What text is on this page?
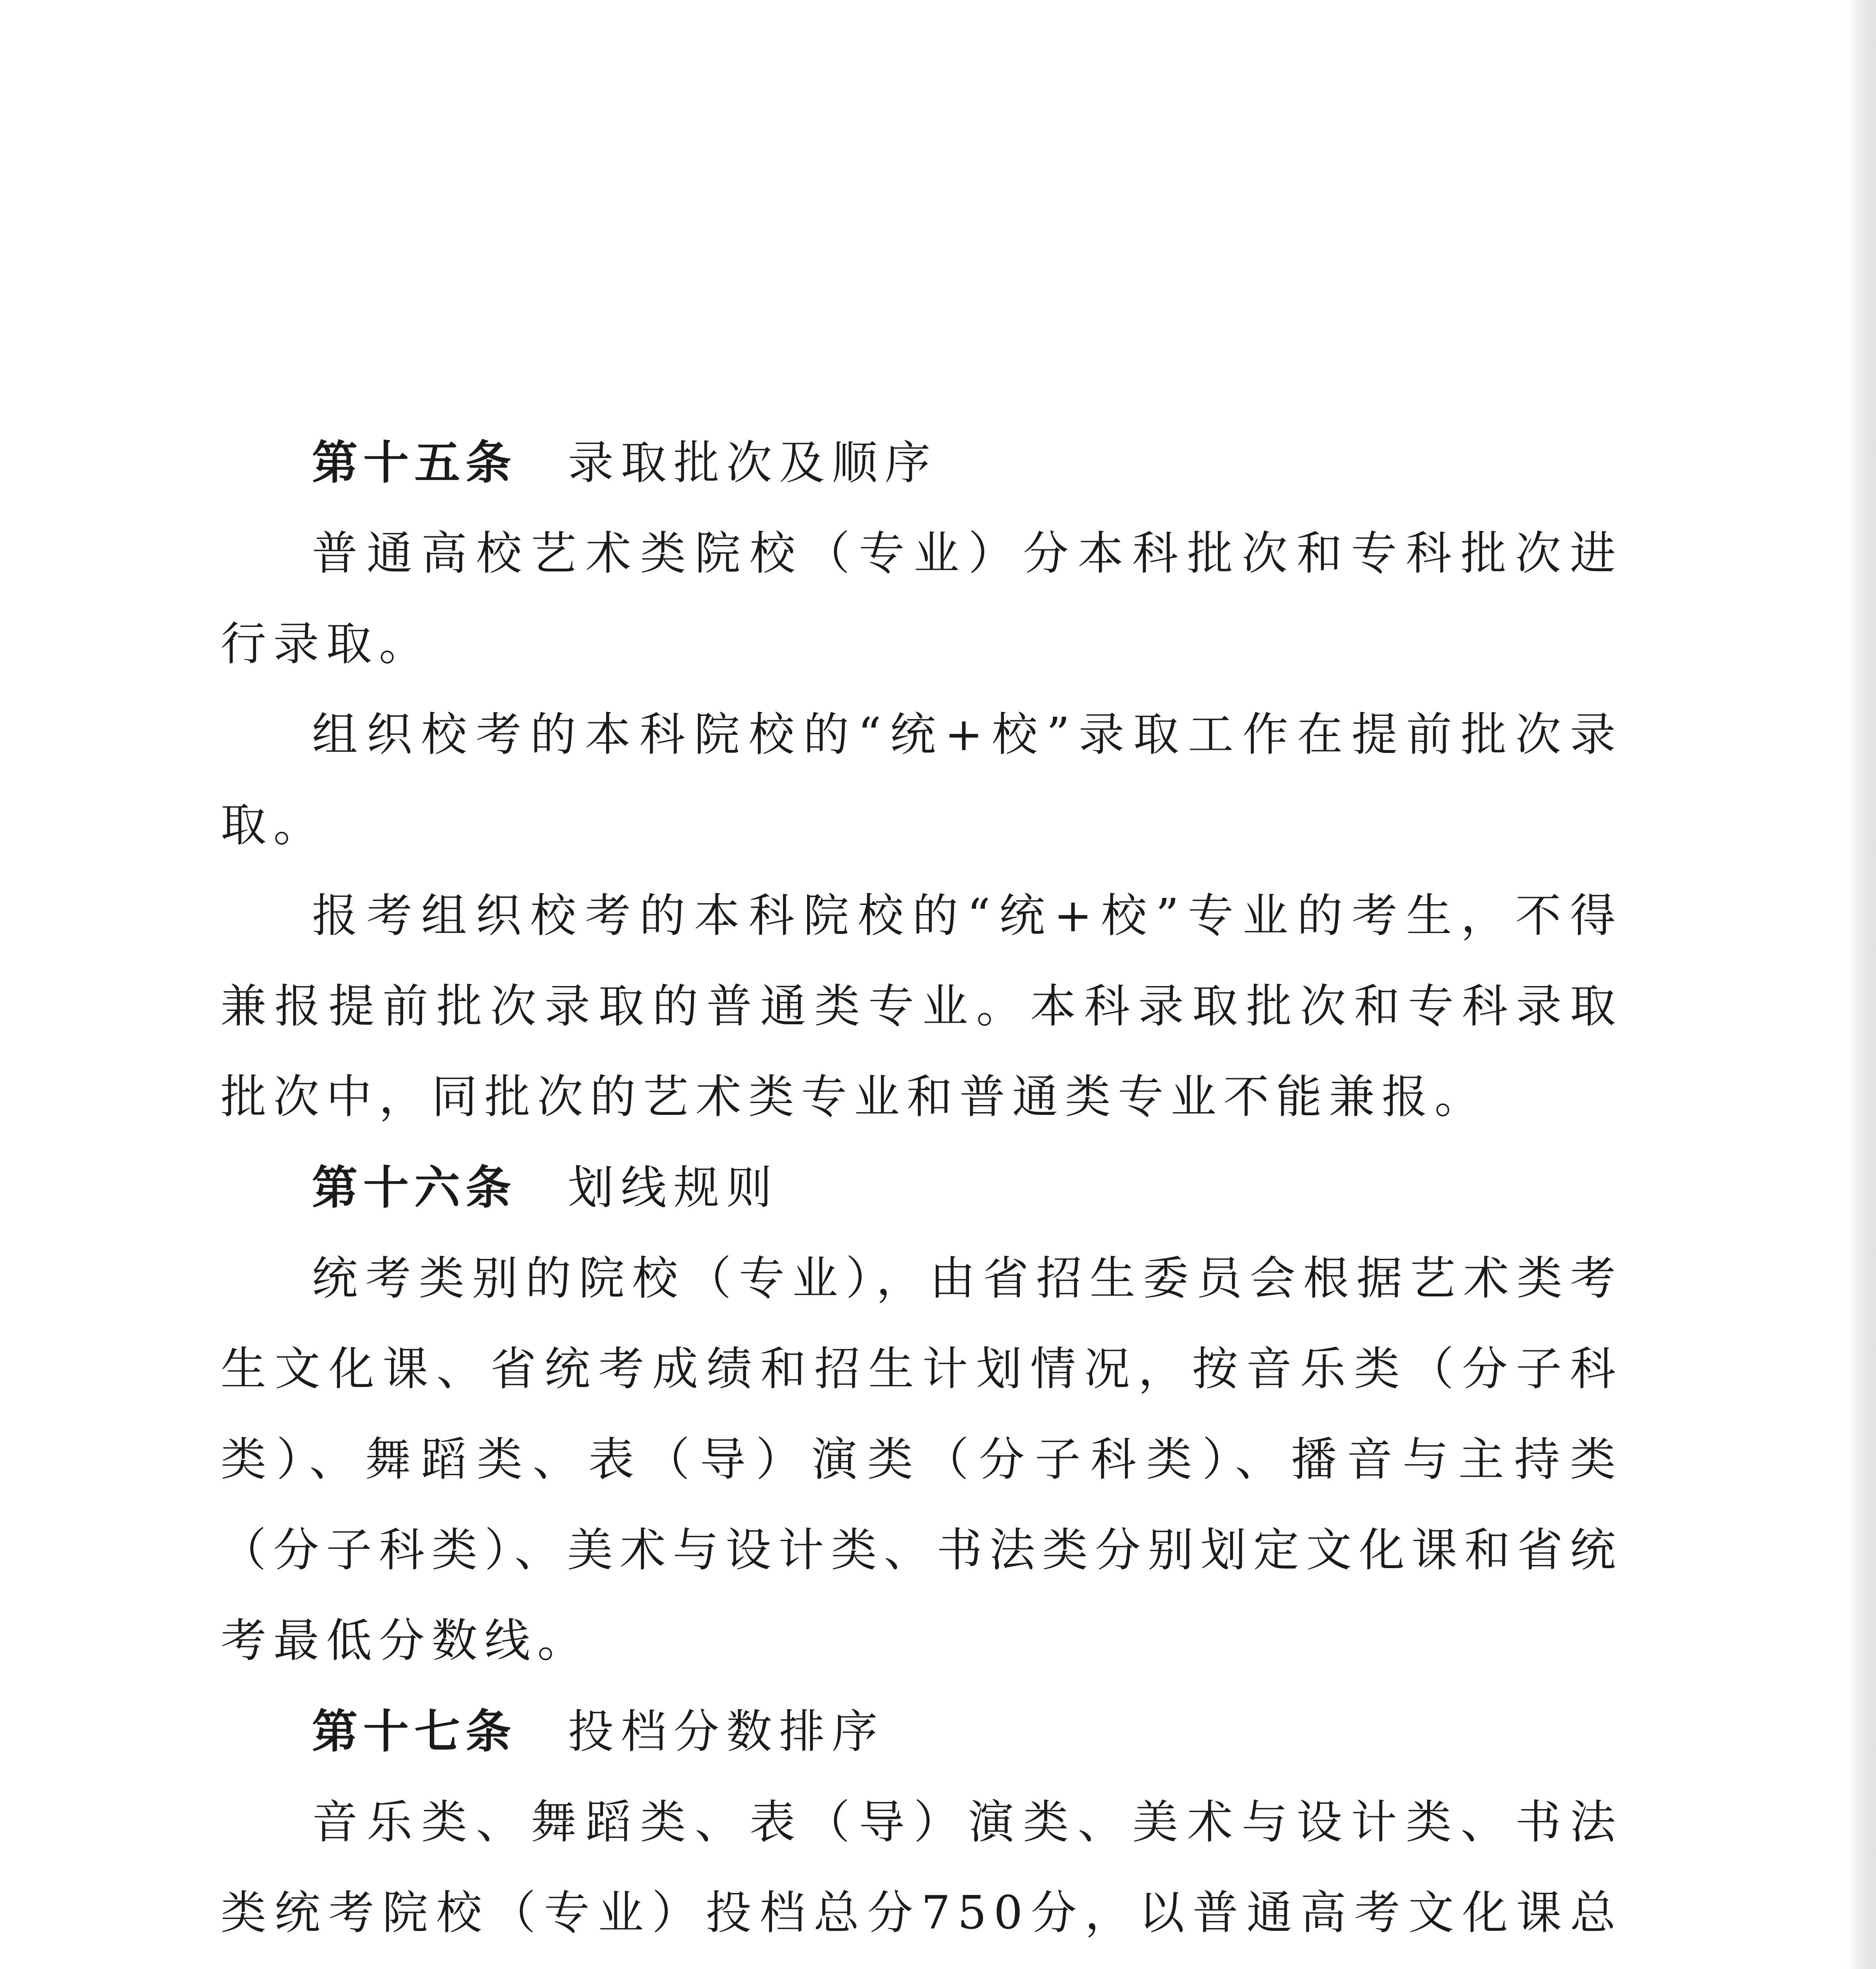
第十五条 录取批次及顺序

普通高校艺术类院校（专业）分本科批次和专科批次进行录取。

组织校考的本科院校的“统+校”录取工作在提前批次录取。

报考组织校考的本科院校的“统+校”专业的考生，不得兼报提前批次录取的普通类专业。本科录取批次和专科录取批次中，同批次的艺术类专业和普通类专业不能兼报。

第十六条 划线规则

统考类别的院校（专业），由省招生委员会根据艺术类考生文化课、省统考成绩和招生计划情况，按音乐类（分子科类）、舞蹈类、表（导）演类（分子科类）、播音与主持类（分子科类）、美术与设计类、书法类分别划定文化课和省统考最低分数线。

第十七条 投档分数排序

音乐类、舞蹈类、表（导）演类、美术与设计类、书法类统考院校（专业）投档总分750分，以普通高考文化课总
